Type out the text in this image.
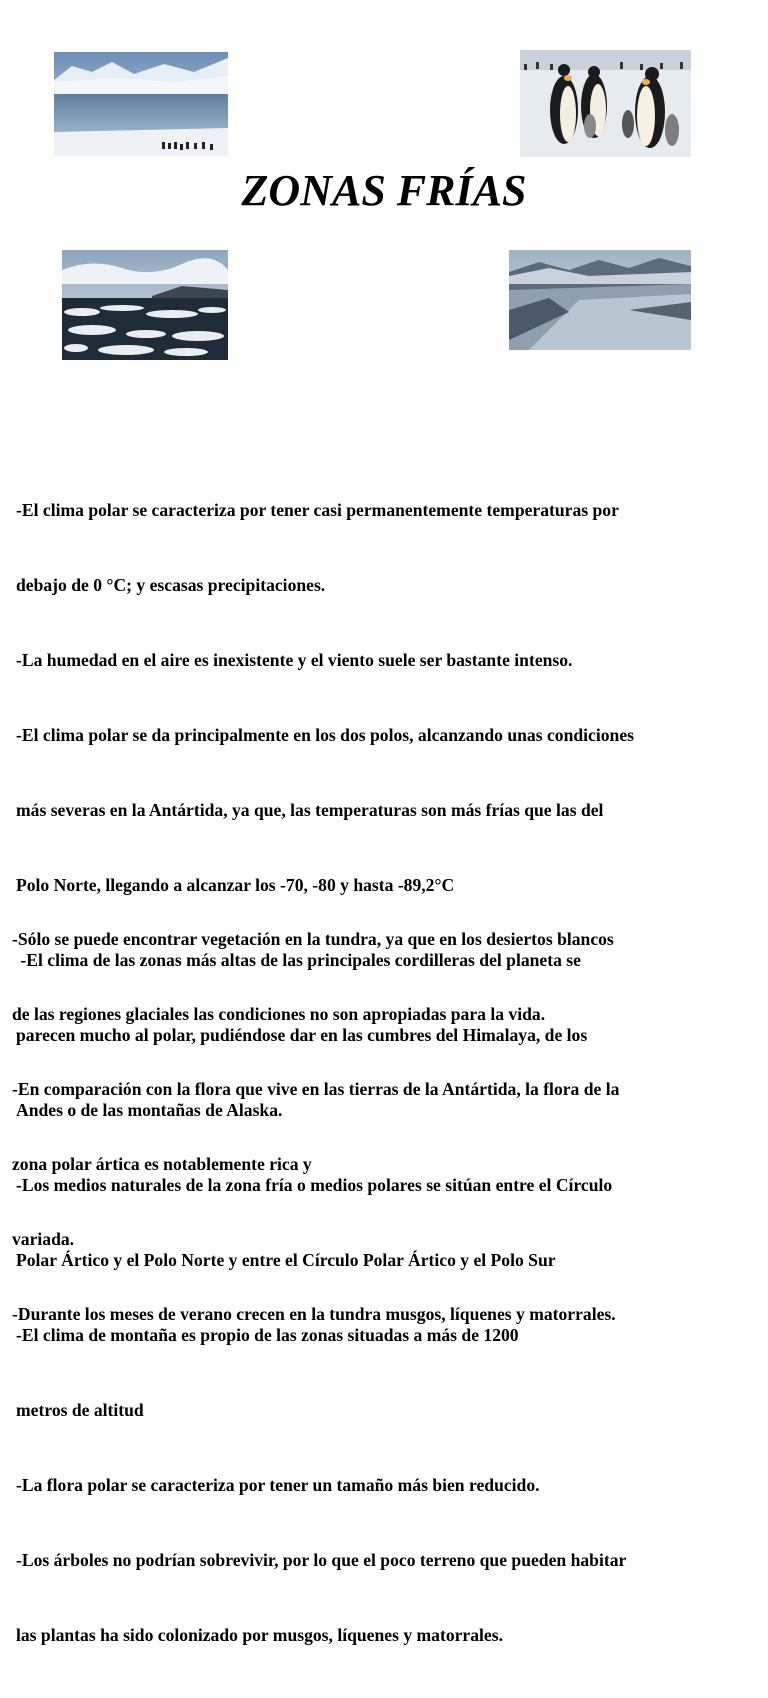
ZONAS FRÍAS

-El clima polar se caracteriza por tener casi permanentemente temperaturas por

debajo de 0 °C; y escasas precipitaciones.

-La humedad en el aire es inexistente y el viento suele ser bastante intenso.

-El clima polar se da principalmente en los dos polos, alcanzando unas condiciones

más severas en la Antártida, ya que, las temperaturas son más frías que las del

Polo Norte, llegando a alcanzar los -70, -80 y hasta -89,2°C

-El clima de las zonas más altas de las principales cordilleras del planeta se

parecen mucho al polar, pudiéndose dar en las cumbres del Himalaya, de los

Andes o de las montañas de Alaska.

-Los medios naturales de la zona fría o medios polares se sitúan entre el Círculo

Polar Ártico y el Polo Norte y entre el Círculo Polar Ártico y el Polo Sur

-El clima de montaña es propio de las zonas situadas a más de 1200

metros de altitud

-La flora polar se caracteriza por tener un tamaño más bien reducido.

-Los árboles no podrían sobrevivir, por lo que el poco terreno que pueden habitar

las plantas ha sido colonizado por musgos, líquenes y matorrales.

-Sólo se puede encontrar vegetación en la tundra, ya que en los desiertos blancos

de las regiones glaciales las condiciones no son apropiadas para la vida.

-En comparación con la flora que vive en las tierras de la Antártida, la flora de la

zona polar ártica es notablemente rica y

variada.

-Durante los meses de verano crecen en la tundra musgos, líquenes y matorrales.
